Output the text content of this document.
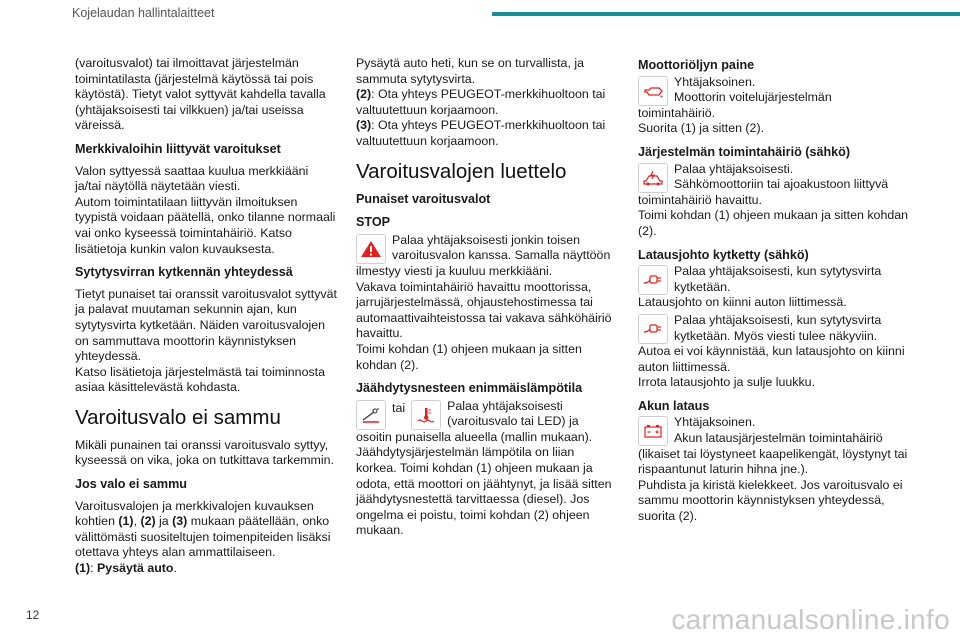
Kojelaudan hallintalaitteet

(varoitusvalot) tai ilmoittavat järjestelmän toimintatilasta (järjestelmä käytössä tai pois käytöstä). Tietyt valot syttyvät kahdella tavalla (yhtäjaksoisesti tai vilkkuen) ja/tai useissa väreissä.

Merkkivaloihin liittyvät varoitukset

Valon syttyessä saattaa kuulua merkkiääni ja/tai näytöllä näytetään viesti.

Autom toimintatilaan liittyvän ilmoituksen tyypistä voidaan päätellä, onko tilanne normaali vai onko kyseessä toimintahäiriö. Katso lisätietoja kunkin valon kuvauksesta.

Sytytysvirran kytkennän yhteydessä

Tietyt punaiset tai oranssit varoitusvalot syttyvät ja palavat muutaman sekunnin ajan, kun sytytysvirta kytketään. Näiden varoitusvalojen on sammuttava moottorin käynnistyksen yhteydessä.

Katso lisätietoja järjestelmästä tai toiminnosta asiaa käsittelevästä kohdasta.

Varoitusvalo ei sammu

Mikäli punainen tai oranssi varoitusvalo syttyy, kyseessä on vika, joka on tutkittava tarkemmin.

Jos valo ei sammu

Varoitusvalojen ja merkkivalojen kuvauksen kohtien (1), (2) ja (3) mukaan päätellään, onko välittömästi suositeltujen toimenpiteiden lisäksi otettava yhteys alan ammattilaiseen.

(1): Pysäytä auto.

Pysäytä auto heti, kun se on turvallista, ja sammuta sytytysvirta.

(2): Ota yhteys PEUGEOT-merkkihuoltoon tai valtuutettuun korjaamoon.

(3): Ota yhteys PEUGEOT-merkkihuoltoon tai valtuutettuun korjaamoon.

Varoitusvalojen luettelo
Punaiset varoitusvalot
STOP
Palaa yhtäjaksoisesti jonkin toisen varoitusvalon kanssa. Samalla näyttöön ilmestyy viesti ja kuuluu merkkiääni.
Vakava toimintahäiriö havaittu moottorissa, jarrujärjestelmässä, ohjaustehostimessa tai automaattivaihteistossa tai vakava sähköhäiriö havaittu.
Toimi kohdan (1) ohjeen mukaan ja sitten kohdan (2).
Jäähdytysnesteen enimmäislämpötila
tai	Palaa yhtäjaksoisesti (varoitusvalo tai LED) ja osoitin punaisella alueella (mallin mukaan).
Jäähdytysjärjestelmän lämpötila on liian korkea. Toimi kohdan (1) ohjeen mukaan ja odota, että moottori on jäähtynyt, ja lisää sitten jäähdytysnestettä tarvittaessa (diesel). Jos ongelma ei poistu, toimi kohdan (2) ohjeen mukaan.
Moottoriöljyn paine
Yhtäjaksoinen.
Moottorin voitelujärjestelmän toimintahäiriö.
Suorita (1) ja sitten (2).
Järjestelmän toimintahäiriö (sähkö)
Palaa yhtäjaksoisesti.
Sähkömoottoriin tai ajoakustoon liittyvä toimintahäiriö havaittu.
Toimi kohdan (1) ohjeen mukaan ja sitten kohdan (2).
Latausjohto kytketty (sähkö)
Palaa yhtäjaksoisesti, kun sytytysvirta kytketään.
Latausjohto on kiinni auton liittimessä.
Palaa yhtäjaksoisesti, kun sytytysvirta kytketään. Myös viesti tulee näkyviin.
Autoa ei voi käynnistää, kun latausjohto on kiinni auton liittimessä.
Irrota latausjohto ja sulje luukku.
Akun lataus
Yhtäjaksoinen.
Akun latausjärjestelmän toimintahäiriö (likaiset tai löystyneet kaapelikengät, löystynyt tai rispaantunut laturin hihna jne.).
Puhdista ja kiristä kielekkeet. Jos varoitusvalo ei sammu moottorin käynnistyksen yhteydessä, suorita (2).
12	carmanualsonline.info
